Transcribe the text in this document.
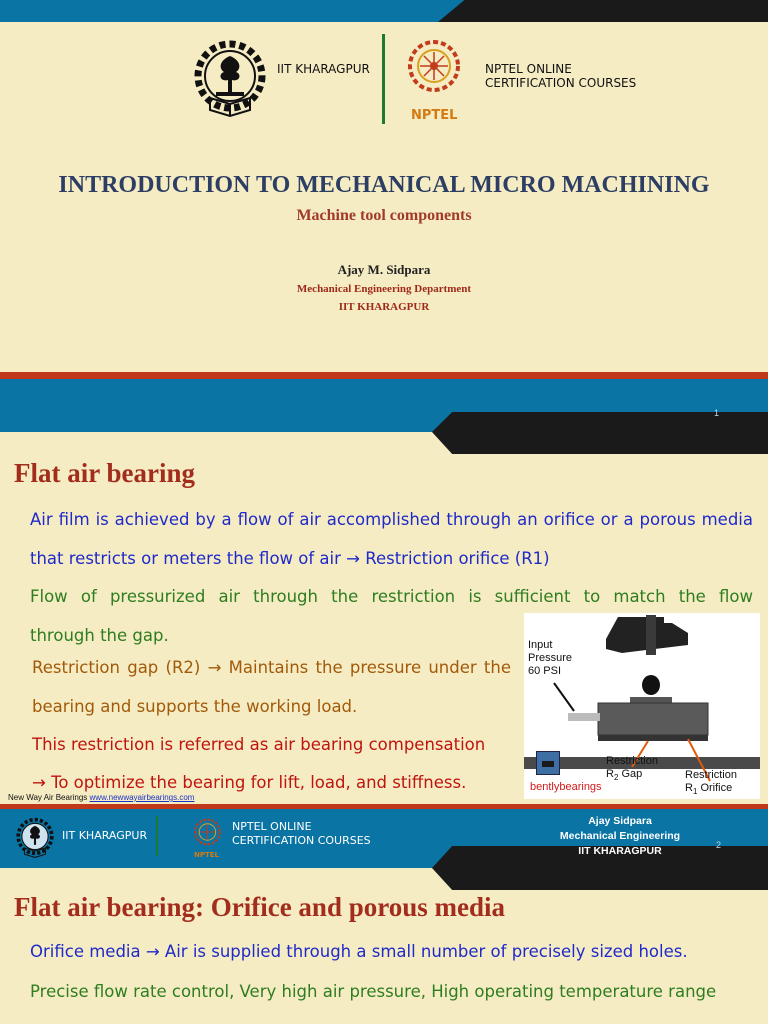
IIT KHARAGPUR
NPTEL
NPTEL ONLINE
CERTIFICATION COURSES
INTRODUCTION TO MECHANICAL MICRO MACHINING
Machine tool components
Ajay M. Sidpara
Mechanical Engineering Department
IIT KHARAGPUR
1
Flat air bearing
Air film is achieved by a flow of air accomplished through an orifice or a porous media that restricts or meters the flow of air → Restriction orifice (R1)
Flow of pressurized air through the restriction is sufficient to match the flow
through the gap.
Restriction gap (R2) → Maintains the pressure under the bearing and supports the working load.
This restriction is referred as air bearing compensation
→ To optimize the bearing for lift, load, and stiffness.
New Way Air Bearings www.newwayairbearings.com
Input
Pressure
60 PSI
Restriction
$R_2$ Gap	Restriction
$R_1$ Orifice
bentlybearings
IIT KHARAGPUR
NPTEL
NPTEL ONLINE
CERTIFICATION COURSES
Ajay Sidpara
Mechanical Engineering
IIT KHARAGPUR	2
Flat air bearing: Orifice and porous media
Orifice media → Air is supplied through a small number of precisely sized holes.
Precise flow rate control, Very high air pressure, High operating temperature range
